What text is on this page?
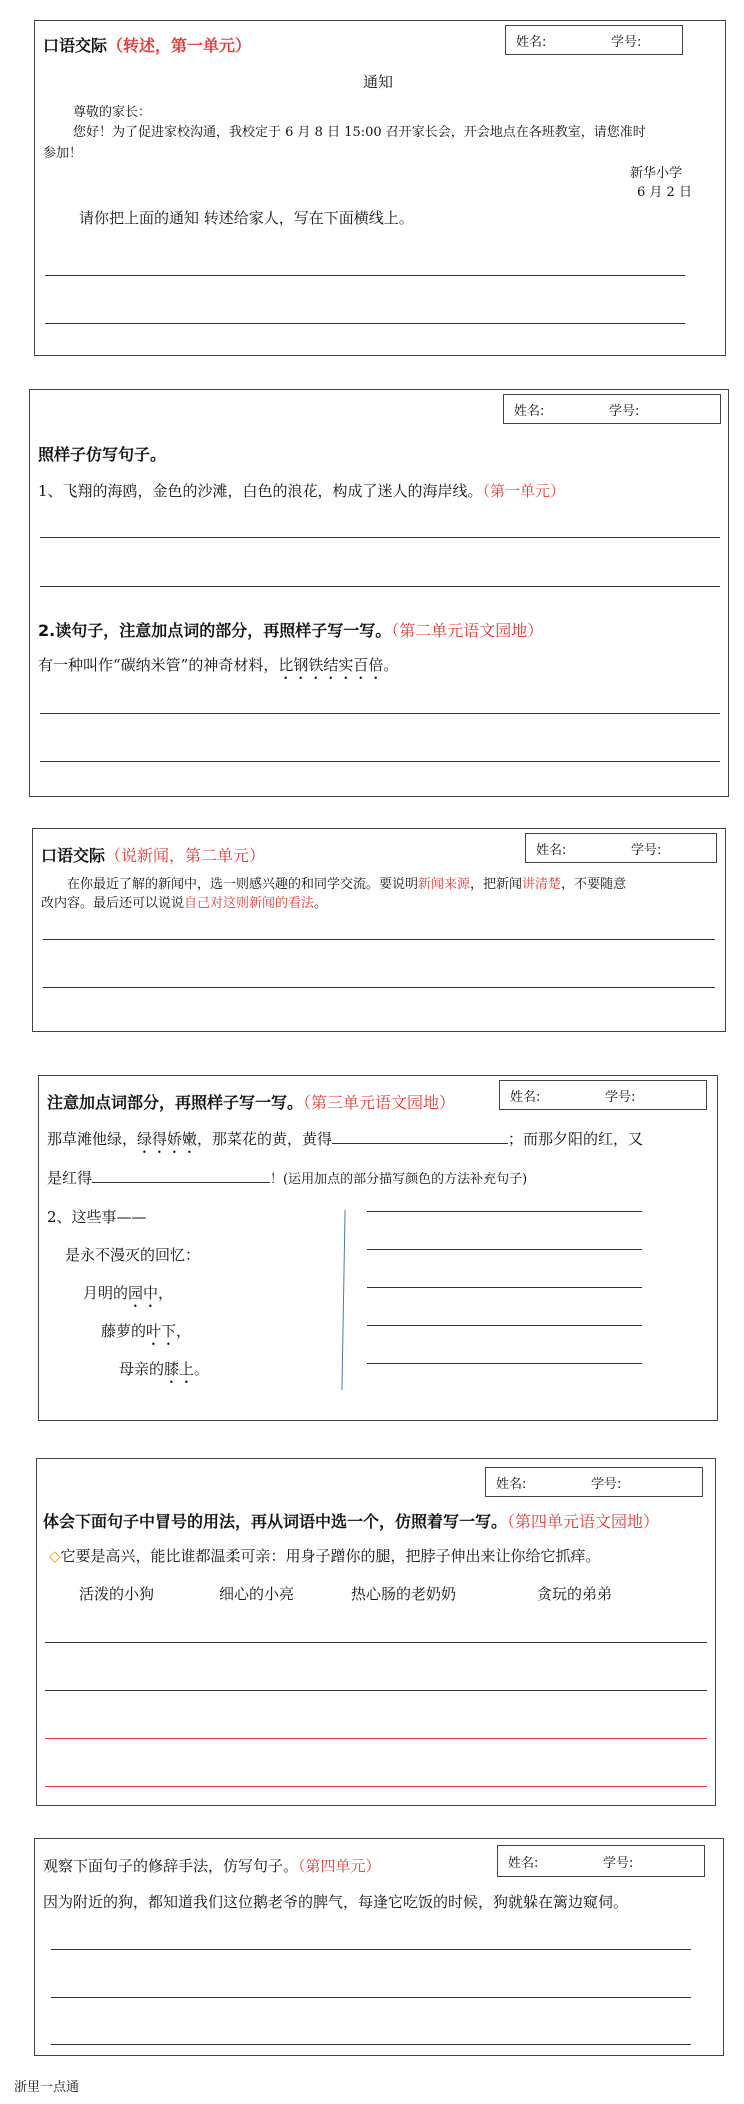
姓名:	学号:
口语交际（转述，第一单元）
通知
尊敬的家长：
您好！为了促进家校沟通，我校定于 6 月 8 日 15:00 召开家长会，开会地点在各班教室，请您准时
参加！
新华小学
6 月 2 日
请你把上面的通知 转述给家人，写在下面横线上。
姓名:	学号:
照样子仿写句子。
1、飞翔的海鸥，金色的沙滩，白色的浪花，构成了迷人的海岸线。（第一单元）
2.读句子，注意加点词的部分，再照样子写一写。（第二单元语文园地）
有一种叫作“碳纳米管”的神奇材料，比钢铁结实百倍。
姓名:	学号:
口语交际（说新闻，第二单元）
在你最近了解的新闻中，选一则感兴趣的和同学交流。要说明新闻来源，把新闻讲清楚，不要随意
改内容。最后还可以说说自己对这则新闻的看法。
姓名:	学号:
注意加点词部分，再照样子写一写。（第三单元语文园地）
那草滩他绿，绿得娇嫩，那菜花的黄，黄得	；而那夕阳的红，又
是红得	！(运用加点的部分描写颜色的方法补充句子)
2、这些事——
是永不漫灭的回忆：
月明的园中，
藤萝的叶下，
母亲的膝上。
姓名:	学号:
体会下面句子中冒号的用法，再从词语中选一个，仿照着写一写。（第四单元语文园地）
◇它要是高兴，能比谁都温柔可亲：用身子蹭你的腿，把脖子伸出来让你给它抓痒。
活泼的小狗	细心的小亮	热心肠的老奶奶	贪玩的弟弟
姓名:	学号:
观察下面句子的修辞手法，仿写句子。（第四单元）
因为附近的狗，都知道我们这位鹅老爷的脾气，每逢它吃饭的时候，狗就躲在篱边窥伺。
浙里一点通
